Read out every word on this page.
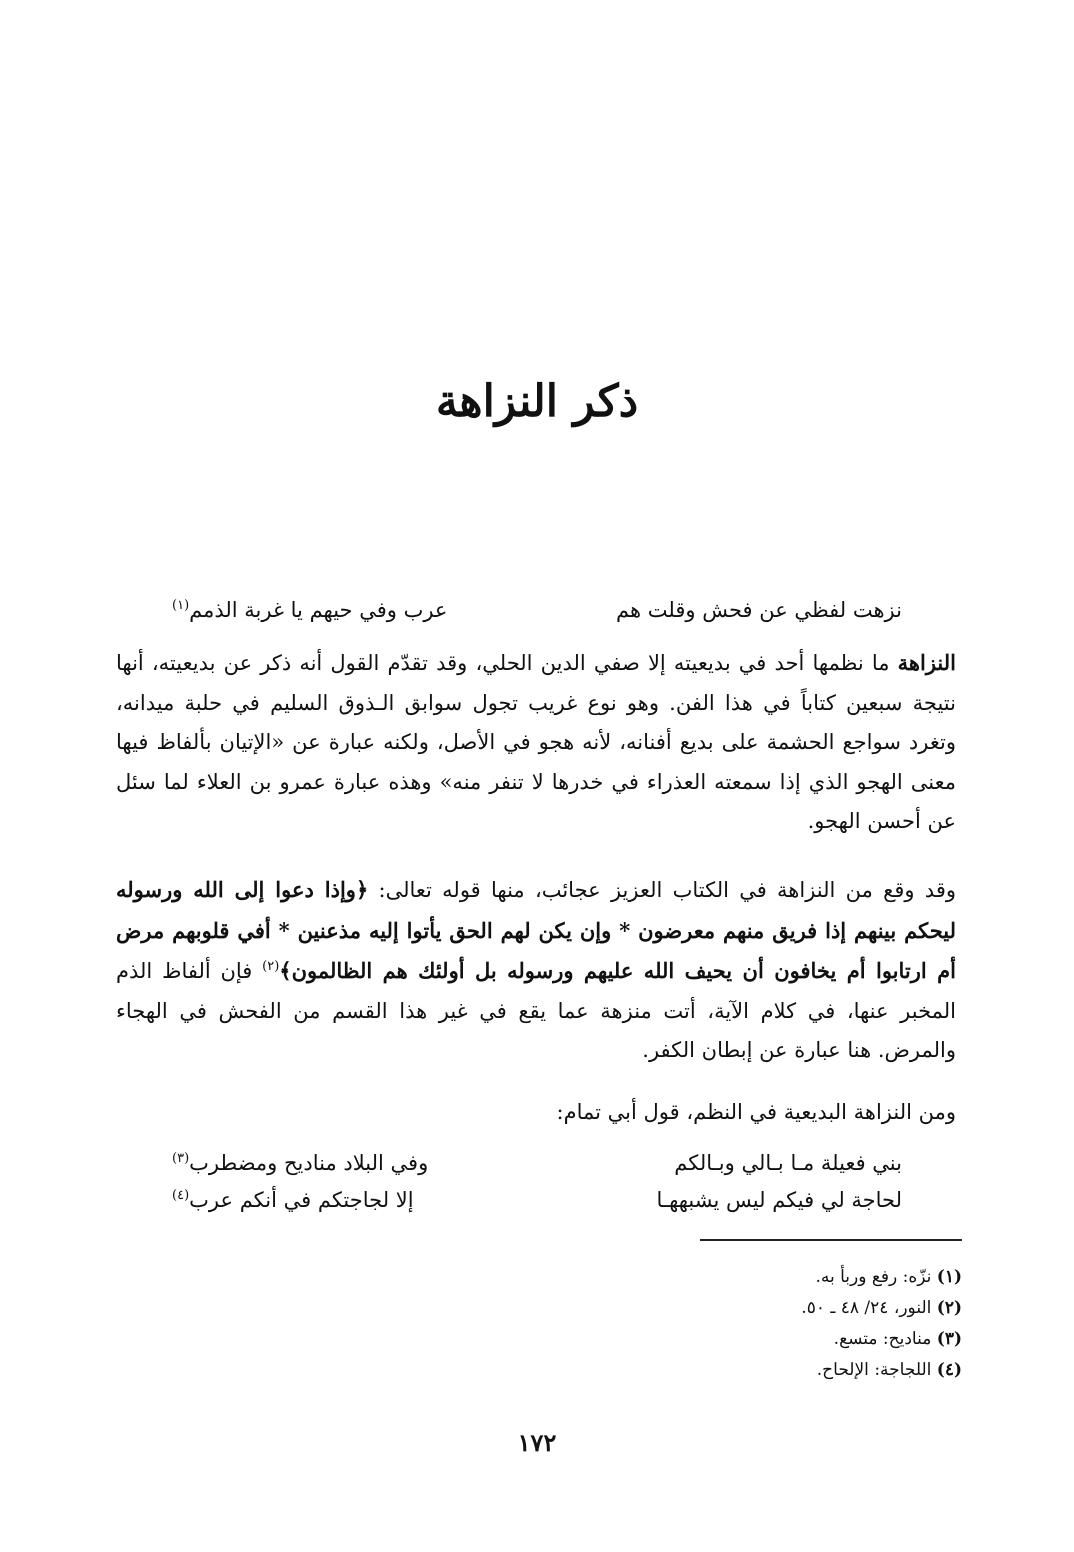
ذكر النزاهة
نزهت لفظي عن فحش وقلت هم
عرب وفي حيهم يا غربة الذمم$^{(١)}$

النزاهة ما نظمها أحد في بديعيته إلا صفي الدين الحلي، وقد تقدّم القول أنه ذكر عن بديعيته، أنها نتيجة سبعين كتاباً في هذا الفن. وهو نوع غريب تجول سوابق الـذوق السليم في حلبة ميدانه، وتغرد سواجع الحشمة على بديع أفنانه، لأنه هجو في الأصل، ولكنه عبارة عن «الإتيان بألفاظ فيها معنى الهجو الذي إذا سمعته العذراء في خدرها لا تنفر منه» وهذه عبارة عمرو بن العلاء لما سئل عن أحسن الهجو.

وقد وقع من النزاهة في الكتاب العزيز عجائب، منها قوله تعالى: ﴿وإذا دعوا إلى الله ورسوله ليحكم بينهم إذا فريق منهم معرضون * وإن يكن لهم الحق يأتوا إليه مذعنين * أفي قلوبهم مرض أم ارتابوا أم يخافون أن يحيف الله عليهم ورسوله بل أولئك هم الظالمون﴾$^{(٢)}$ فإن ألفاظ الذم المخبر عنها، في كلام الآية، أتت منزهة عما يقع في غير هذا القسم من الفحش في الهجاء والمرض. هنا عبارة عن إبطان الكفر.

ومن النزاهة البديعية في النظم، قول أبي تمام:

بني فعيلة مـا بـالي وبـالكم
وفي البلاد مناديح ومضطرب$^{(٣)}$
لحاجة لي فيكم ليس يشبههـا
إلا لجاجتكم في أنكم عرب$^{(٤)}$
(١) نزّه: رفع وربأ به.
(٢) النور، ٢٤/ ٤٨ ـ ٥٠.
(٣) مناديح: متسع.
(٤) اللجاجة: الإلحاح.
١٧٢
